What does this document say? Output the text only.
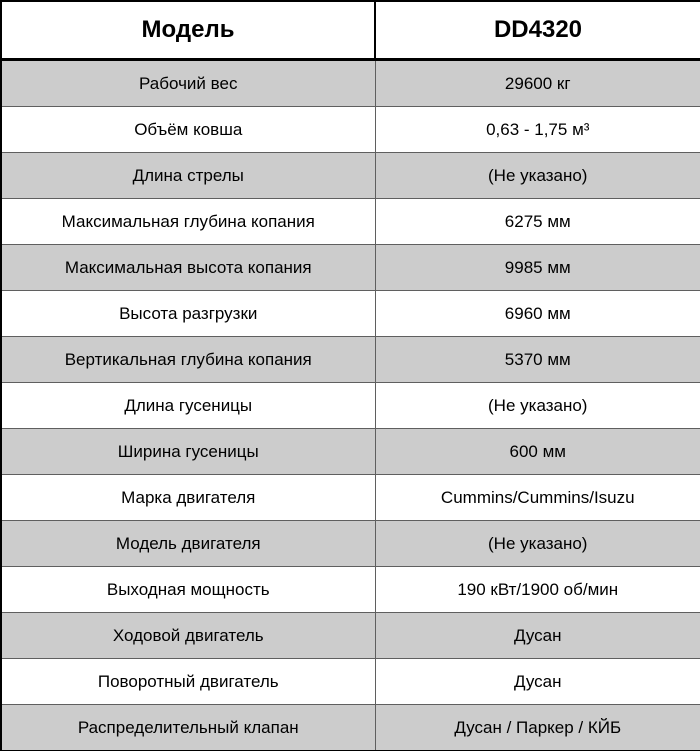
Модель	DD4320
Рабочий вес	29600 кг
Объём ковша	0,63 - 1,75 м³
Длина стрелы	(Не указано)
Максимальная глубина копания	6275 мм
Максимальная высота копания	9985 мм
Высота разгрузки	6960 мм
Вертикальная глубина копания	5370 мм
Длина гусеницы	(Не указано)
Ширина гусеницы	600 мм
Марка двигателя	Cummins/Cummins/Isuzu
Модель двигателя	(Не указано)
Выходная мощность	190 кВт/1900 об/мин
Ходовой двигатель	Дусан
Поворотный двигатель	Дусан
Распределительный клапан	Дусан / Паркер / КЙБ
